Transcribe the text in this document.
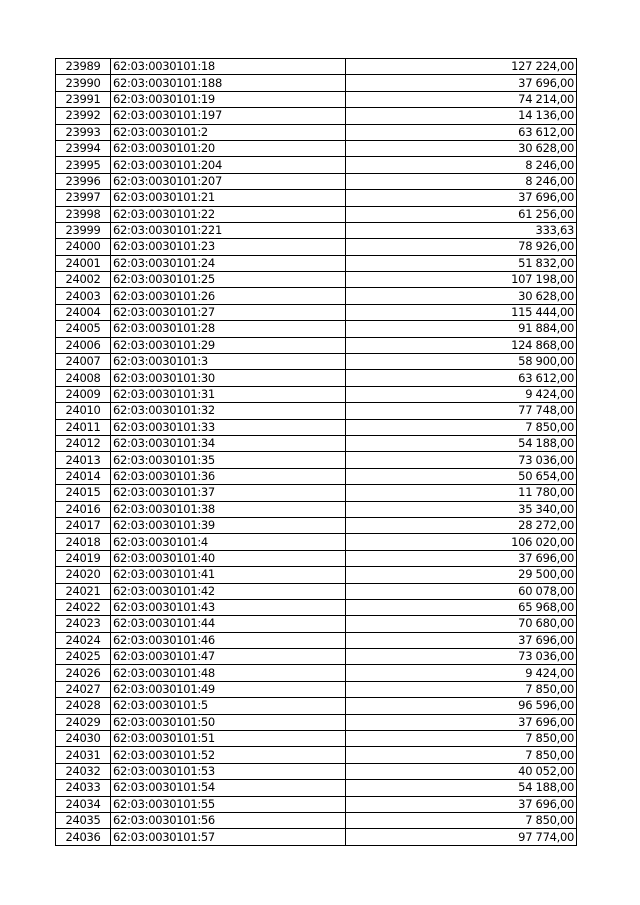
23989	62:03:0030101:18	127 224,00
23990	62:03:0030101:188	37 696,00
23991	62:03:0030101:19	74 214,00
23992	62:03:0030101:197	14 136,00
23993	62:03:0030101:2	63 612,00
23994	62:03:0030101:20	30 628,00
23995	62:03:0030101:204	8 246,00
23996	62:03:0030101:207	8 246,00
23997	62:03:0030101:21	37 696,00
23998	62:03:0030101:22	61 256,00
23999	62:03:0030101:221	333,63
24000	62:03:0030101:23	78 926,00
24001	62:03:0030101:24	51 832,00
24002	62:03:0030101:25	107 198,00
24003	62:03:0030101:26	30 628,00
24004	62:03:0030101:27	115 444,00
24005	62:03:0030101:28	91 884,00
24006	62:03:0030101:29	124 868,00
24007	62:03:0030101:3	58 900,00
24008	62:03:0030101:30	63 612,00
24009	62:03:0030101:31	9 424,00
24010	62:03:0030101:32	77 748,00
24011	62:03:0030101:33	7 850,00
24012	62:03:0030101:34	54 188,00
24013	62:03:0030101:35	73 036,00
24014	62:03:0030101:36	50 654,00
24015	62:03:0030101:37	11 780,00
24016	62:03:0030101:38	35 340,00
24017	62:03:0030101:39	28 272,00
24018	62:03:0030101:4	106 020,00
24019	62:03:0030101:40	37 696,00
24020	62:03:0030101:41	29 500,00
24021	62:03:0030101:42	60 078,00
24022	62:03:0030101:43	65 968,00
24023	62:03:0030101:44	70 680,00
24024	62:03:0030101:46	37 696,00
24025	62:03:0030101:47	73 036,00
24026	62:03:0030101:48	9 424,00
24027	62:03:0030101:49	7 850,00
24028	62:03:0030101:5	96 596,00
24029	62:03:0030101:50	37 696,00
24030	62:03:0030101:51	7 850,00
24031	62:03:0030101:52	7 850,00
24032	62:03:0030101:53	40 052,00
24033	62:03:0030101:54	54 188,00
24034	62:03:0030101:55	37 696,00
24035	62:03:0030101:56	7 850,00
24036	62:03:0030101:57	97 774,00
